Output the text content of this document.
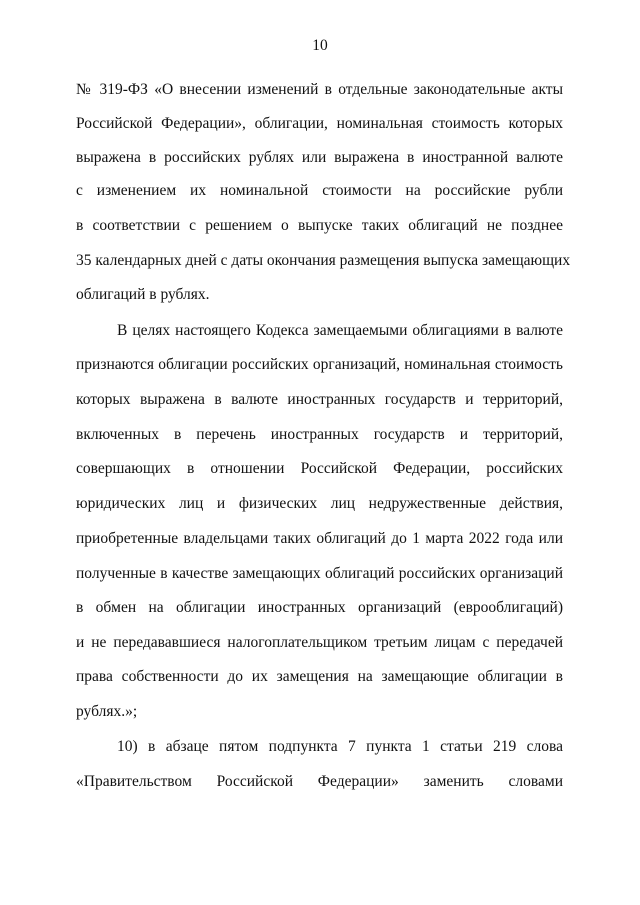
10
№ 319-ФЗ «О внесении изменений в отдельные законодательные акты
Российской Федерации», облигации, номинальная стоимость которых
выражена в российских рублях или выражена в иностранной валюте
с изменением их номинальной стоимости на российские рубли
в соответствии с решением о выпуске таких облигаций не позднее
35 календарных дней с даты окончания размещения выпуска замещающих
облигаций в рублях.
В целях настоящего Кодекса замещаемыми облигациями в валюте
признаются облигации российских организаций, номинальная стоимость
которых выражена в валюте иностранных государств и территорий,
включенных в перечень иностранных государств и территорий,
совершающих в отношении Российской Федерации, российских
юридических лиц и физических лиц недружественные действия,
приобретенные владельцами таких облигаций до 1 марта 2022 года или
полученные в качестве замещающих облигаций российских организаций
в обмен на облигации иностранных организаций (еврооблигаций)
и не передававшиеся налогоплательщиком третьим лицам с передачей
права собственности до их замещения на замещающие облигации в
рублях.»;
10) в абзаце пятом подпункта 7 пункта 1 статьи 219 слова
«Правительством Российской Федерации» заменить словами
